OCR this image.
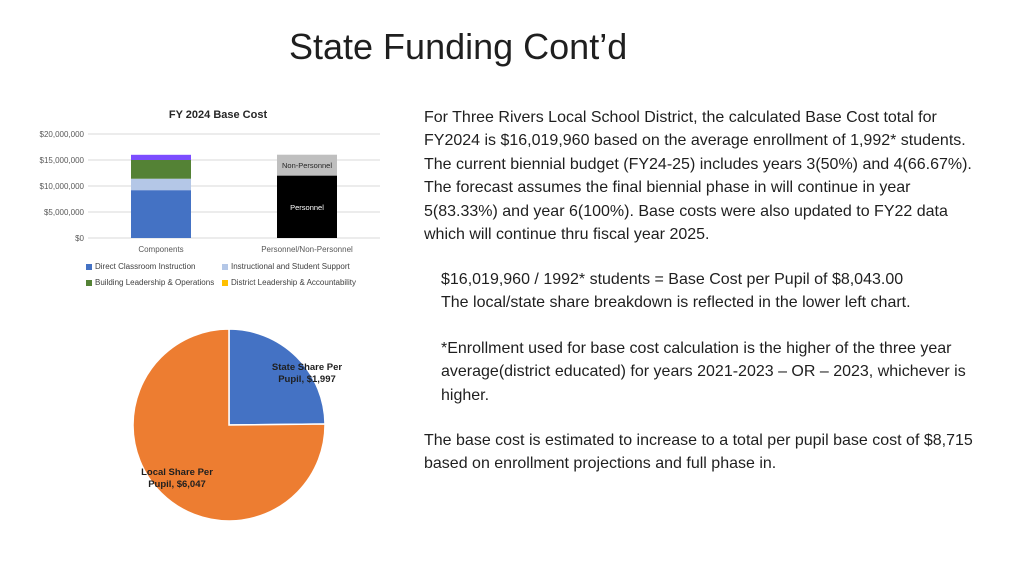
State Funding Cont’d
FY 2024 Base Cost
$0
$5,000,000
$10,000,000
$15,000,000
$20,000,000
Components
Personnel
Non-Personnel
Personnel/Non-Personnel
Direct Classroom Instruction	Instructional and Student Support
Building Leadership & Operations District Leadership & Accountability
State Share Per
Pupil, $1,997
Local Share Per
Pupil, $6,047

For Three Rivers Local School District, the calculated Base Cost total for FY2024 is $16,019,960 based on the average enrollment of 1,992* students. The current biennial budget (FY24-25) includes years 3(50%) and 4(66.67%). The forecast assumes the final biennial phase in will continue in year 5(83.33%) and year 6(100%). Base costs were also updated to FY22 data which will continue thru fiscal year 2025.

$16,019,960 / 1992* students = Base Cost per Pupil of $8,043.00

The local/state share breakdown is reflected in the lower left chart.

*Enrollment used for base cost calculation is the higher of the three year average(district educated) for years 2021-2023 – OR – 2023, whichever is higher.

The base cost is estimated to increase to a total per pupil base cost of $8,715 based on enrollment projections and full phase in.
